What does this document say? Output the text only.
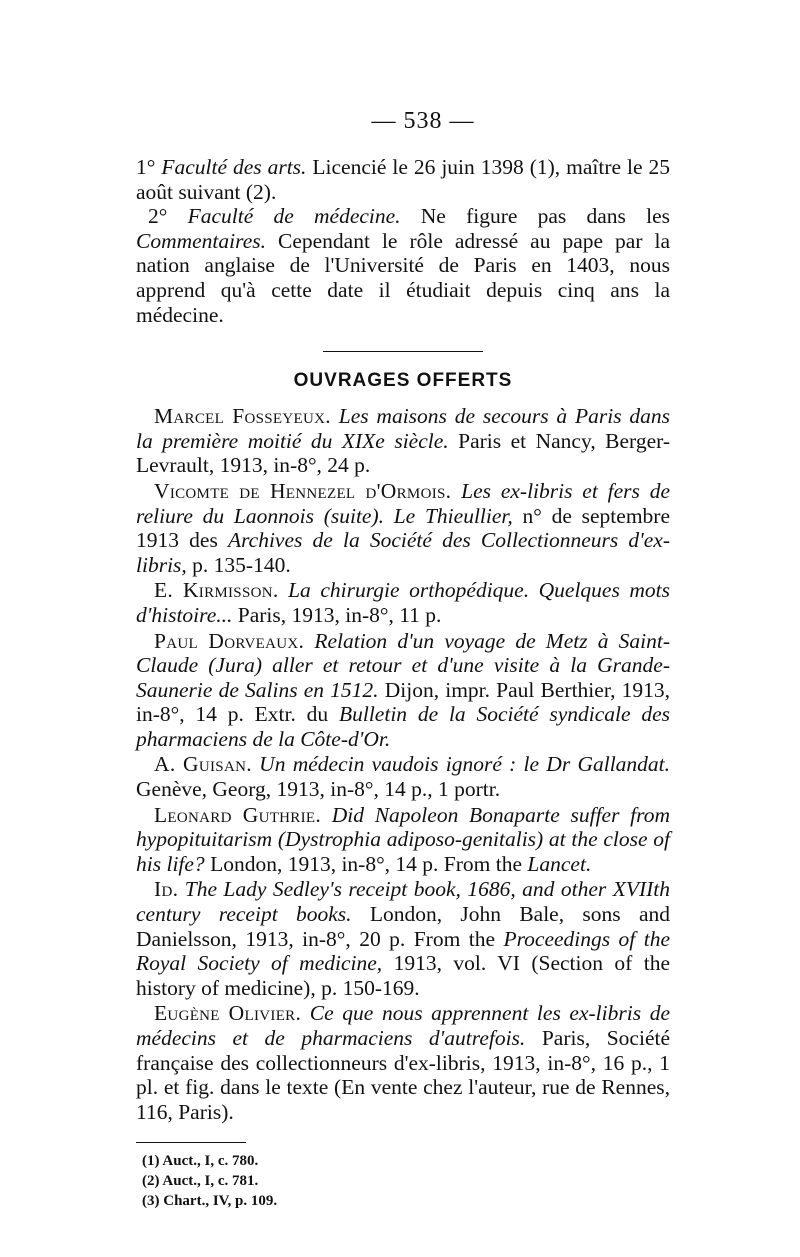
— 538 —

1° Faculté des arts. Licencié le 26 juin 1398 (1), maître le 25 août suivant (2).

2° Faculté de médecine. Ne figure pas dans les Commentaires. Cependant le rôle adressé au pape par la nation anglaise de l'Université de Paris en 1403, nous apprend qu'à cette date il étudiait depuis cinq ans la médecine.

OUVRAGES OFFERTS

Marcel Fosseyeux. Les maisons de secours à Paris dans la première moitié du XIXe siècle. Paris et Nancy, Berger-Levrault, 1913, in-8°, 24 p.

Vicomte de Hennezel d'Ormois. Les ex-libris et fers de reliure du Laonnois (suite). Le Thieullier, n° de septembre 1913 des Archives de la Société des Collectionneurs d'ex-libris, p. 135-140.

E. Kirmisson. La chirurgie orthopédique. Quelques mots d'histoire... Paris, 1913, in-8°, 11 p.

Paul Dorveaux. Relation d'un voyage de Metz à Saint-Claude (Jura) aller et retour et d'une visite à la Grande-Saunerie de Salins en 1512. Dijon, impr. Paul Berthier, 1913, in-8°, 14 p. Extr. du Bulletin de la Société syndicale des pharmaciens de la Côte-d'Or.

A. Guisan. Un médecin vaudois ignoré : le Dr Gallandat. Genève, Georg, 1913, in-8°, 14 p., 1 portr.

Leonard Guthrie. Did Napoleon Bonaparte suffer from hypopituitarism (Dystrophia adiposo-genitalis) at the close of his life? London, 1913, in-8°, 14 p. From the Lancet.

Id. The Lady Sedley's receipt book, 1686, and other XVIIth century receipt books. London, John Bale, sons and Danielsson, 1913, in-8°, 20 p. From the Proceedings of the Royal Society of medicine, 1913, vol. VI (Section of the history of medicine), p. 150-169.

Eugène Olivier. Ce que nous apprennent les ex-libris de médecins et de pharmaciens d'autrefois. Paris, Société française des collectionneurs d'ex-libris, 1913, in-8°, 16 p., 1 pl. et fig. dans le texte (En vente chez l'auteur, rue de Rennes, 116, Paris).

(1) Auct., I, c. 780.
(2) Auct., I, c. 781.
(3) Chart., IV, p. 109.
